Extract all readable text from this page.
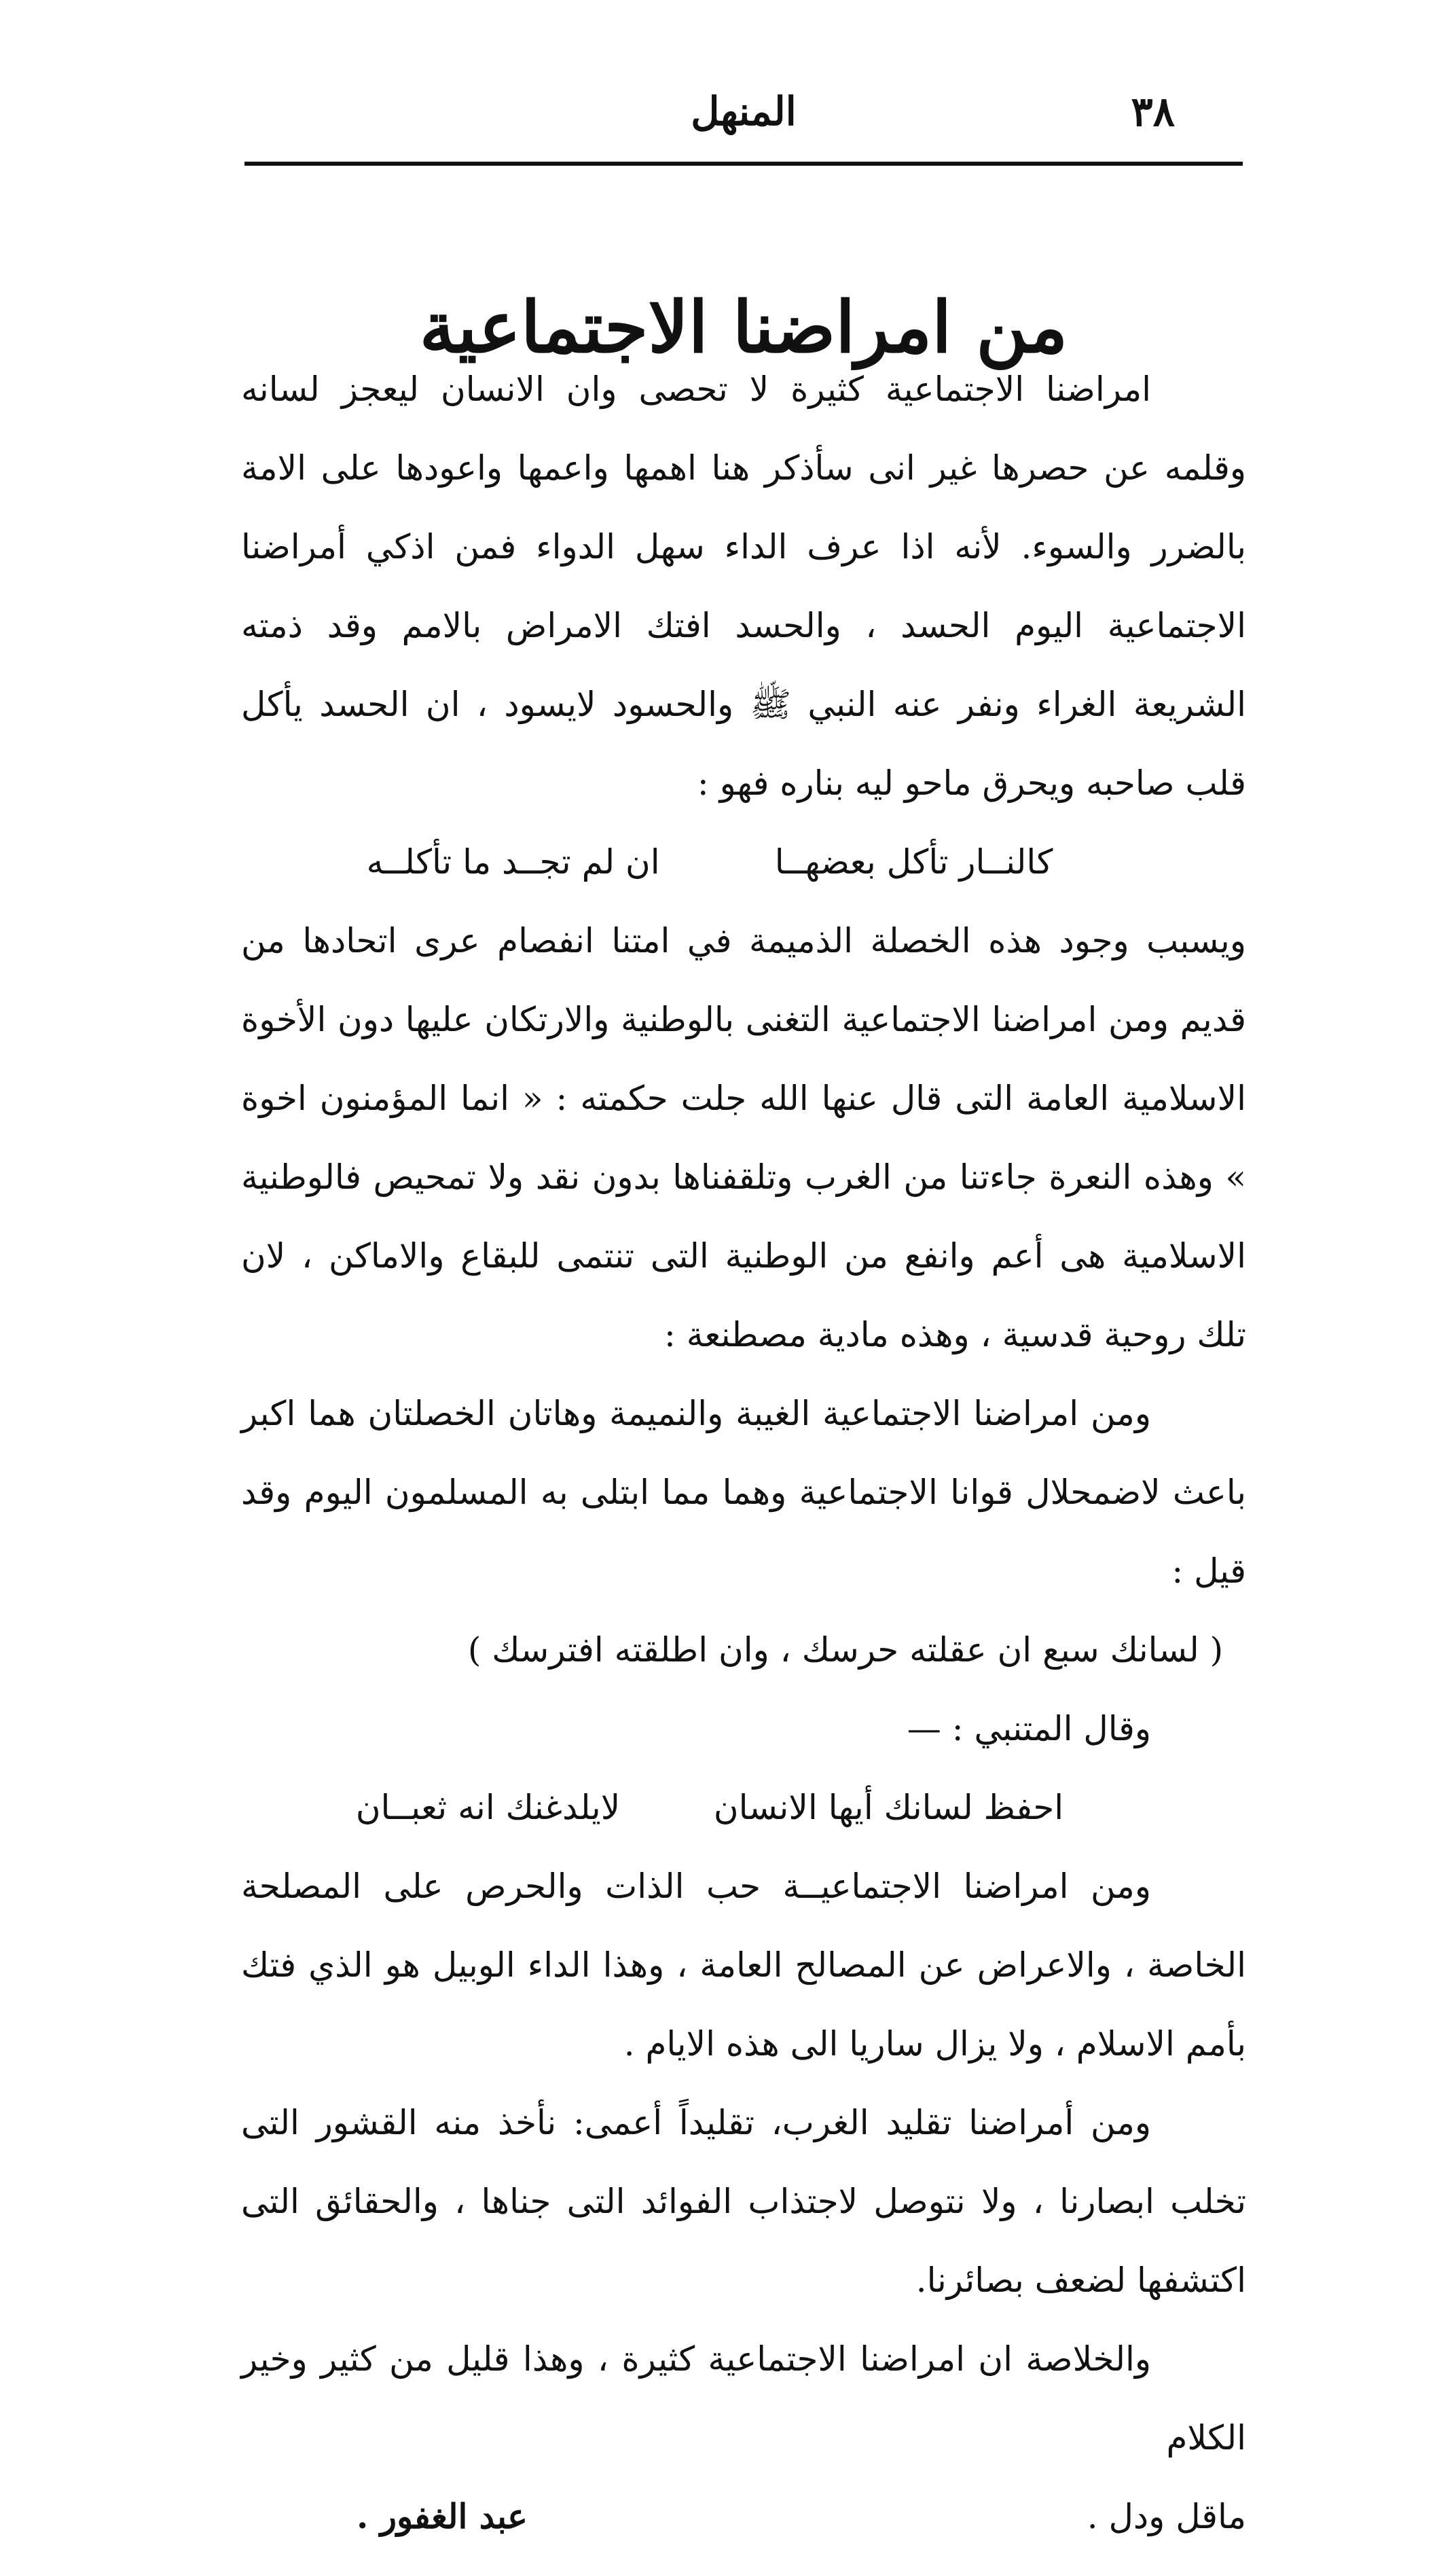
٣٨
المنهل
من امراضنا الاجتماعية

امراضنا الاجتماعية كثيرة لا تحصى وان الانسان ليعجز لسانه وقلمه عن حصرها غير انى سأذكر هنا اهمها واعمها واعودها على الامة بالضرر والسوء. لأنه اذا عرف الداء سهل الدواء فمن اذكي أمراضنا الاجتماعية اليوم الحسد ، والحسد افتك الامراض بالامم وقد ذمته الشريعة الغراء ونفر عنه النبي ﷺ والحسود لايسود ، ان الحسد يأكل قلب صاحبه ويحرق ماحو ليه بناره فهو :

كالنــار تأكل بعضهــا
ان لم تجــد ما تأكلــه

ويسبب وجود هذه الخصلة الذميمة في امتنا انفصام عرى اتحادها من قديم ومن امراضنا الاجتماعية التغنى بالوطنية والارتكان عليها دون الأخوة الاسلامية العامة التى قال عنها الله جلت حكمته : « انما المؤمنون اخوة » وهذه النعرة جاءتنا من الغرب وتلقفناها بدون نقد ولا تمحيص فالوطنية الاسلامية هى أعم وانفع من الوطنية التى تنتمى للبقاع والاماكن ، لان تلك روحية قدسية ، وهذه مادية مصطنعة :

ومن امراضنا الاجتماعية الغيبة والنميمة وهاتان الخصلتان هما اكبر باعث لاضمحلال قوانا الاجتماعية وهما مما ابتلى به المسلمون اليوم وقد قيل :

( لسانك سبع ان عقلته حرسك ، وان اطلقته افترسك )

وقال المتنبي : —

احفظ لسانك أيها الانسان
لايلدغنك انه ثعبــان

ومن امراضنا الاجتماعيــة حب الذات والحرص على المصلحة الخاصة ، والاعراض عن المصالح العامة ، وهذا الداء الوبيل هو الذي فتك بأمم الاسلام ، ولا يزال ساريا الى هذه الايام .

ومن أمراضنا تقليد الغرب، تقليداً أعمى: نأخذ منه القشور التى تخلب ابصارنا ، ولا نتوصل لاجتذاب الفوائد التى جناها ، والحقائق التى اكتشفها لضعف بصائرنا.

والخلاصة ان امراضنا الاجتماعية كثيرة ، وهذا قليل من كثير وخير الكلام

ماقل ودل .
عبد الغفور .
